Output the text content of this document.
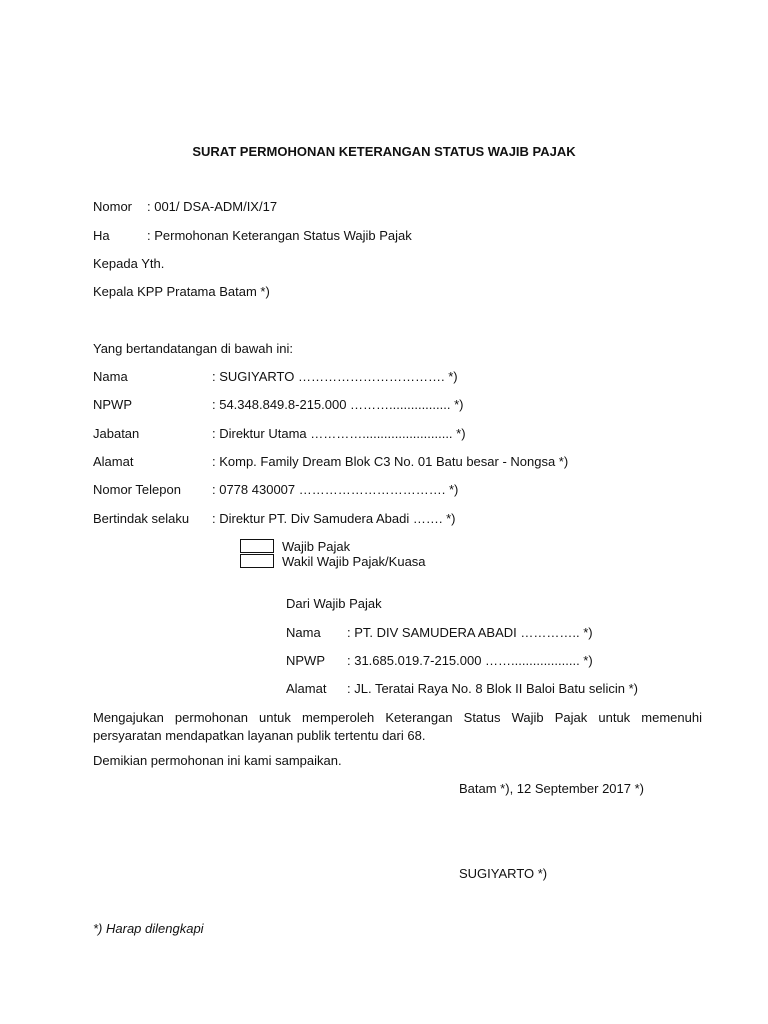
SURAT PERMOHONAN KETERANGAN STATUS WAJIB PAJAK
Nomor : 001/ DSA-ADM/IX/17
Ha	: Permohonan Keterangan Status Wajib Pajak
Kepada Yth.
Kepala KPP Pratama Batam *)
Yang bertandatangan di bawah ini:
Nama	: SUGIYARTO ……………………………. *)
NPWP	: 54.348.849.8-215.000 ………................. *)
Jabatan	: Direktur Utama …………......................... *)
Alamat	: Komp. Family Dream Blok C3 No. 01 Batu besar - Nongsa *)
Nomor Telepon : 0778 430007 ……………………………. *)
Bertindak selaku : Direktur PT. Div Samudera Abadi ……. *)
Wajib Pajak
Wakil Wajib Pajak/Kuasa
Dari Wajib Pajak
Nama : PT. DIV SAMUDERA ABADI ………….. *)
NPWP : 31.685.019.7-215.000 ……................... *)
Alamat : JL. Teratai Raya No. 8 Blok II Baloi Batu selicin *)
Mengajukan permohonan untuk memperoleh Keterangan Status Wajib Pajak untuk memenuhi persyaratan mendapatkan layanan publik tertentu dari 68.
Demikian permohonan ini kami sampaikan.
Batam *), 12 September 2017 *)
SUGIYARTO *)
*) Harap dilengkapi
